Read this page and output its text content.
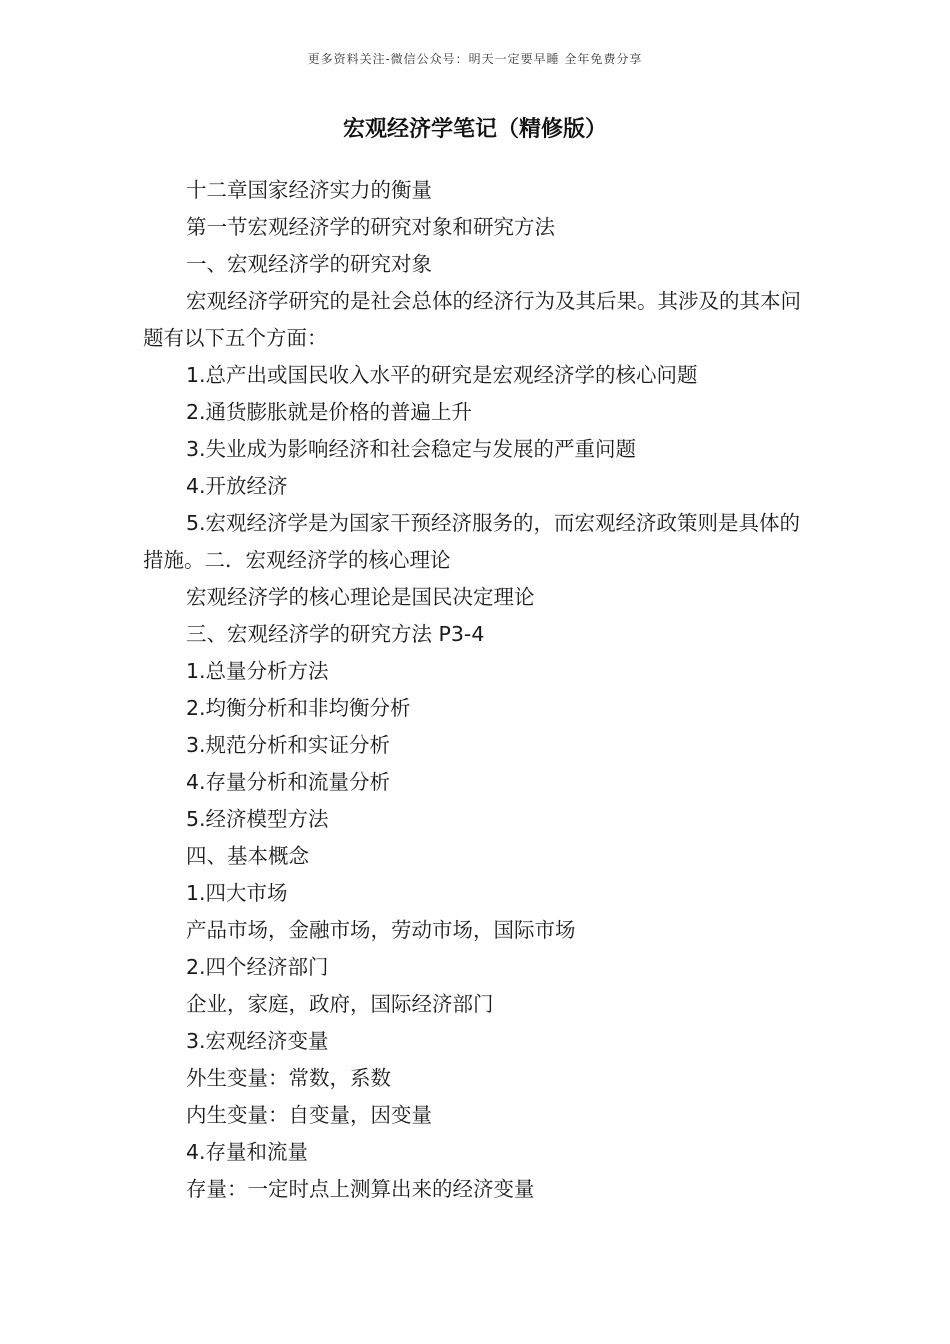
更多资料关注-微信公众号：明天一定要早睡 全年免费分享
宏观经济学笔记（精修版）

十二章国家经济实力的衡量

第一节宏观经济学的研究对象和研究方法

一、宏观经济学的研究对象

宏观经济学研究的是社会总体的经济行为及其后果。其涉及的其本问题有以下五个方面：

1.总产出或国民收入水平的研究是宏观经济学的核心问题

2.通货膨胀就是价格的普遍上升

3.失业成为影响经济和社会稳定与发展的严重问题

4.开放经济

5.宏观经济学是为国家干预经济服务的，而宏观经济政策则是具体的措施。二．宏观经济学的核心理论

宏观经济学的核心理论是国民决定理论

三、宏观经济学的研究方法 P3-4

1.总量分析方法

2.均衡分析和非均衡分析

3.规范分析和实证分析

4.存量分析和流量分析

5.经济模型方法

四、基本概念

1.四大市场

产品市场，金融市场，劳动市场，国际市场

2.四个经济部门

企业，家庭，政府，国际经济部门

3.宏观经济变量

外生变量：常数，系数

内生变量：自变量，因变量

4.存量和流量

存量：一定时点上测算出来的经济变量
